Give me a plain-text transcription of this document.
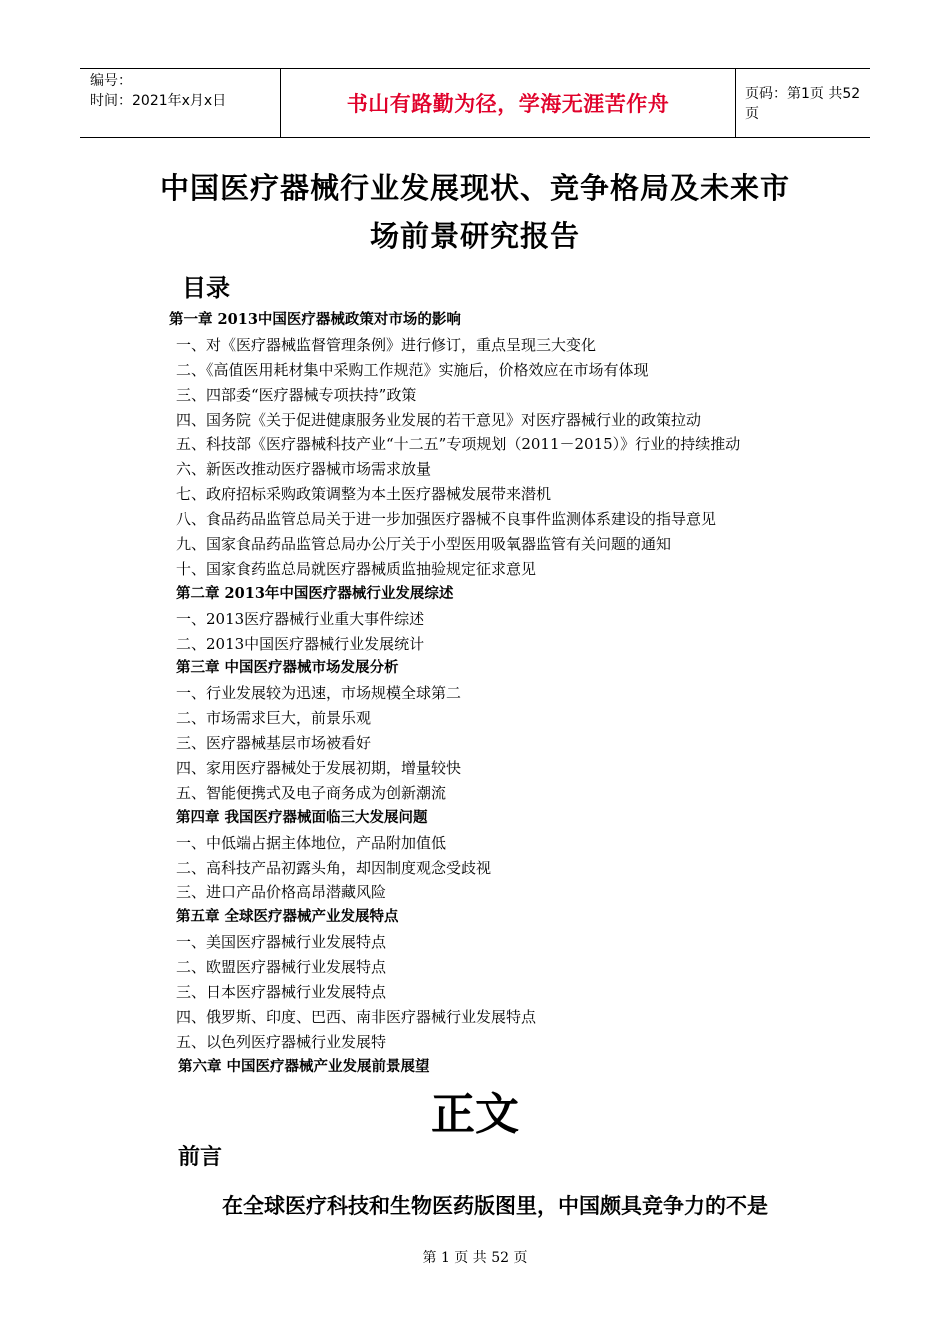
编号：
时间：2021年x月x日	书山有路勤为径，学海无涯苦作舟	页码：第1页 共52页
中国医疗器械行业发展现状、竞争格局及未来市
场前景研究报告
目录
第一章 2013中国医疗器械政策对市场的影响
一、对《医疗器械监督管理条例》进行修订，重点呈现三大变化
二、《高值医用耗材集中采购工作规范》实施后，价格效应在市场有体现
三、四部委“医疗器械专项扶持”政策
四、国务院《关于促进健康服务业发展的若干意见》对医疗器械行业的政策拉动
五、科技部《医疗器械科技产业“十二五”专项规划（2011－2015）》行业的持续推动
六、新医改推动医疗器械市场需求放量
七、政府招标采购政策调整为本土医疗器械发展带来潜机
八、食品药品监管总局关于进一步加强医疗器械不良事件监测体系建设的指导意见
九、国家食品药品监管总局办公厅关于小型医用吸氧器监管有关问题的通知
十、国家食药监总局就医疗器械质监抽验规定征求意见
第二章 2013年中国医疗器械行业发展综述
一、2013医疗器械行业重大事件综述
二、2013中国医疗器械行业发展统计
第三章 中国医疗器械市场发展分析
一、行业发展较为迅速，市场规模全球第二
二、市场需求巨大，前景乐观
三、医疗器械基层市场被看好
四、家用医疗器械处于发展初期，增量较快
五、智能便携式及电子商务成为创新潮流
第四章 我国医疗器械面临三大发展问题
一、中低端占据主体地位，产品附加值低
二、高科技产品初露头角，却因制度观念受歧视
三、进口产品价格高昂潜藏风险
第五章 全球医疗器械产业发展特点
一、美国医疗器械行业发展特点
二、欧盟医疗器械行业发展特点
三、日本医疗器械行业发展特点
四、俄罗斯、印度、巴西、南非医疗器械行业发展特点
五、以色列医疗器械行业发展特
第六章 中国医疗器械产业发展前景展望
正文
前言
在全球医疗科技和生物医药版图里，中国颇具竞争力的不是
第 1 页 共 52 页
